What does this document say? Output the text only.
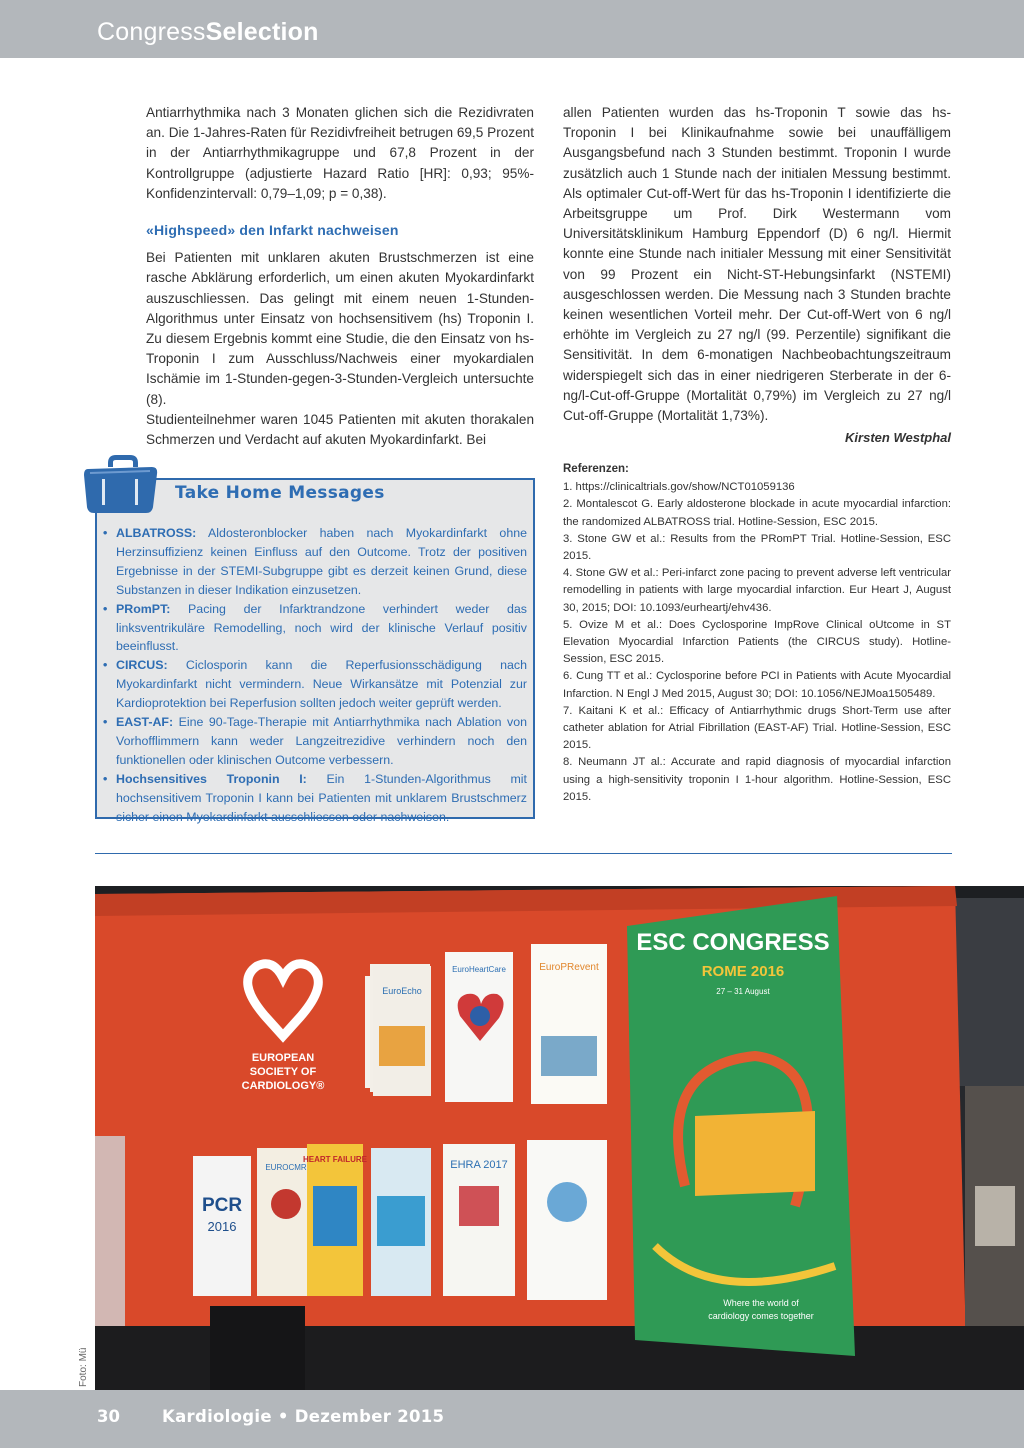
CongressSelection

Antiarrhythmika nach 3 Monaten glichen sich die Rezidivraten an. Die 1-Jahres-Raten für Rezidivfreiheit betrugen 69,5 Prozent in der Antiarrhythmikagruppe und 67,8 Prozent in der Kontrollgruppe (adjustierte Hazard Ratio [HR]: 0,93; 95%-Konfidenzintervall: 0,79–1,09; p = 0,38).

«Highspeed» den Infarkt nachweisen

Bei Patienten mit unklaren akuten Brustschmerzen ist eine rasche Abklärung erforderlich, um einen akuten Myokardinfarkt auszuschliessen. Das gelingt mit einem neuen 1-Stunden-Algorithmus unter Einsatz von hochsensitivem (hs) Troponin I. Zu diesem Ergebnis kommt eine Studie, die den Einsatz von hs-Troponin I zum Ausschluss/Nachweis einer myokardialen Ischämie im 1-Stunden-gegen-3-Stunden-Vergleich untersuchte (8).

Studienteilnehmer waren 1045 Patienten mit akuten thorakalen Schmerzen und Verdacht auf akuten Myokardinfarkt. Bei

allen Patienten wurden das hs-Troponin T sowie das hs-Troponin I bei Klinikaufnahme sowie bei unauffälligem Ausgangsbefund nach 3 Stunden bestimmt. Troponin I wurde zusätzlich auch 1 Stunde nach der initialen Messung bestimmt. Als optimaler Cut-off-Wert für das hs-Troponin I identifizierte die Arbeitsgruppe um Prof. Dirk Westermann vom Universitätsklinikum Hamburg Eppendorf (D) 6 ng/l. Hiermit konnte eine Stunde nach initialer Messung mit einer Sensitivität von 99 Prozent ein Nicht-ST-Hebungsinfarkt (NSTEMI) ausgeschlossen werden. Die Messung nach 3 Stunden brachte keinen wesentlichen Vorteil mehr. Der Cut-off-Wert von 6 ng/l erhöhte im Vergleich zu 27 ng/l (99. Perzentile) signifikant die Sensitivität. In dem 6-monatigen Nachbeobachtungszeitraum widerspiegelt sich das in einer niedrigeren Sterberate in der 6-ng/l-Cut-off-Gruppe (Mortalität 0,79%) im Vergleich zu 27 ng/l Cut-off-Gruppe (Mortalität 1,73%).

Kirsten Westphal
Take Home Messages
• ALBATROSS: Aldosteronblocker haben nach Myokardinfarkt ohne Herzinsuffizienz keinen Einfluss auf den Outcome. Trotz der positiven Ergebnisse in der STEMI-Subgruppe gibt es derzeit keinen Grund, diese Substanzen in dieser Indikation einzusetzen.
• PRomPT: Pacing der Infarktrandzone verhindert weder das linksventrikuläre Remodelling, noch wird der klinische Verlauf positiv beeinflusst.
• CIRCUS: Ciclosporin kann die Reperfusionsschädigung nach Myokardinfarkt nicht vermindern. Neue Wirkansätze mit Potenzial zur Kardioprotektion bei Reperfusion sollten jedoch weiter geprüft werden.
• EAST-AF: Eine 90-Tage-Therapie mit Antiarrhythmika nach Ablation von Vorhofflimmern kann weder Langzeitrezidive verhindern noch den funktionellen oder klinischen Outcome verbessern.
• Hochsensitives Troponin I: Ein 1-Stunden-Algorithmus mit hochsensitivem Troponin I kann bei Patienten mit unklarem Brustschmerz sicher einen Myokardinfarkt ausschliessen oder nachweisen.
Referenzen:
1. https://clinicaltrials.gov/show/NCT01059136
2. Montalescot G. Early aldosterone blockade in acute myocardial infarction: the randomized ALBATROSS trial. Hotline-Session, ESC 2015.
3. Stone GW et al.: Results from the PRomPT Trial. Hotline-Session, ESC 2015.
4. Stone GW et al.: Peri-infarct zone pacing to prevent adverse left ventricular remodelling in patients with large myocardial infarction. Eur Heart J, August 30, 2015; DOI: 10.1093/eurheartj/ehv436.
5. Ovize M et al.: Does Cyclosporine ImpRove Clinical oUtcome in ST Elevation Myocardial Infarction Patients (the CIRCUS study). Hotline-Session, ESC 2015.
6. Cung TT et al.: Cyclosporine before PCI in Patients with Acute Myocardial Infarction. N Engl J Med 2015, August 30; DOI: 10.1056/NEJMoa1505489.
7. Kaitani K et al.: Efficacy of Antiarrhythmic drugs Short-Term use after catheter ablation for Atrial Fibrillation (EAST-AF) Trial. Hotline-Session, ESC 2015.
8. Neumann JT al.: Accurate and rapid diagnosis of myocardial infarction using a high-sensitivity troponin I 1-hour algorithm. Hotline-Session, ESC 2015.
EUROPEAN
SOCIETY OF
CARDIOLOGY®
EuroEcho
EuroHeartCare	EuroPRevent
PCR
2016
EUROCMR
HEART FAILURE	EHRA 2017
ESC CONGRESS
ROME 2016
27 – 31 August
Where the world of
cardiology comes together
Foto: Mü
30	Kardiologie • Dezember 2015
